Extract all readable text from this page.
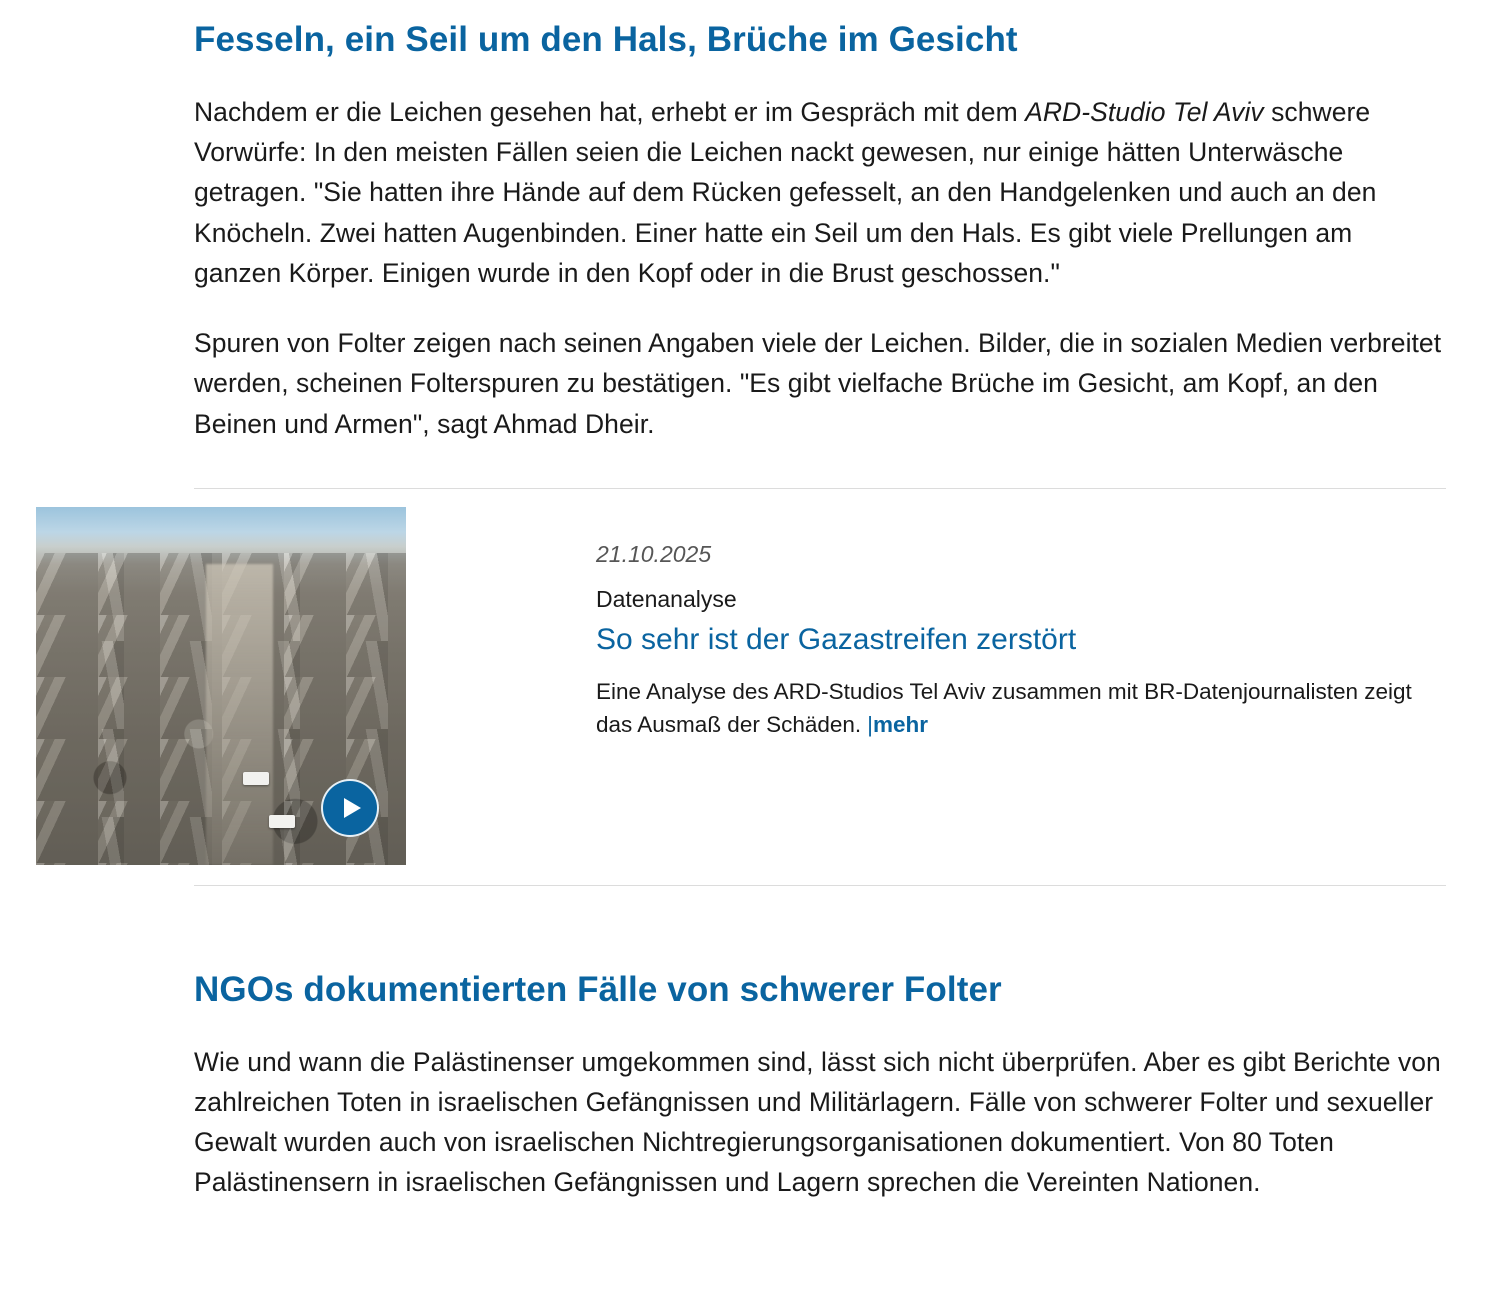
Fesseln, ein Seil um den Hals, Brüche im Gesicht

Nachdem er die Leichen gesehen hat, erhebt er im Gespräch mit dem ARD-Studio Tel Aviv schwere Vorwürfe: In den meisten Fällen seien die Leichen nackt gewesen, nur einige hätten Unterwäsche getragen. "Sie hatten ihre Hände auf dem Rücken gefesselt, an den Handgelenken und auch an den Knöcheln. Zwei hatten Augenbinden. Einer hatte ein Seil um den Hals. Es gibt viele Prellungen am ganzen Körper. Einigen wurde in den Kopf oder in die Brust geschossen."

Spuren von Folter zeigen nach seinen Angaben viele der Leichen. Bilder, die in sozialen Medien verbreitet werden, scheinen Folterspuren zu bestätigen. "Es gibt vielfache Brüche im Gesicht, am Kopf, an den Beinen und Armen", sagt Ahmad Dheir.

21.10.2025
Datenanalyse
So sehr ist der Gazastreifen zerstört

Eine Analyse des ARD-Studios Tel Aviv zusammen mit BR-Datenjournalisten zeigt das Ausmaß der Schäden. |mehr

NGOs dokumentierten Fälle von schwerer Folter

Wie und wann die Palästinenser umgekommen sind, lässt sich nicht überprüfen. Aber es gibt Berichte von zahlreichen Toten in israelischen Gefängnissen und Militärlagern. Fälle von schwerer Folter und sexueller Gewalt wurden auch von israelischen Nichtregierungsorganisationen dokumentiert. Von 80 Toten Palästinensern in israelischen Gefängnissen und Lagern sprechen die Vereinten Nationen.
